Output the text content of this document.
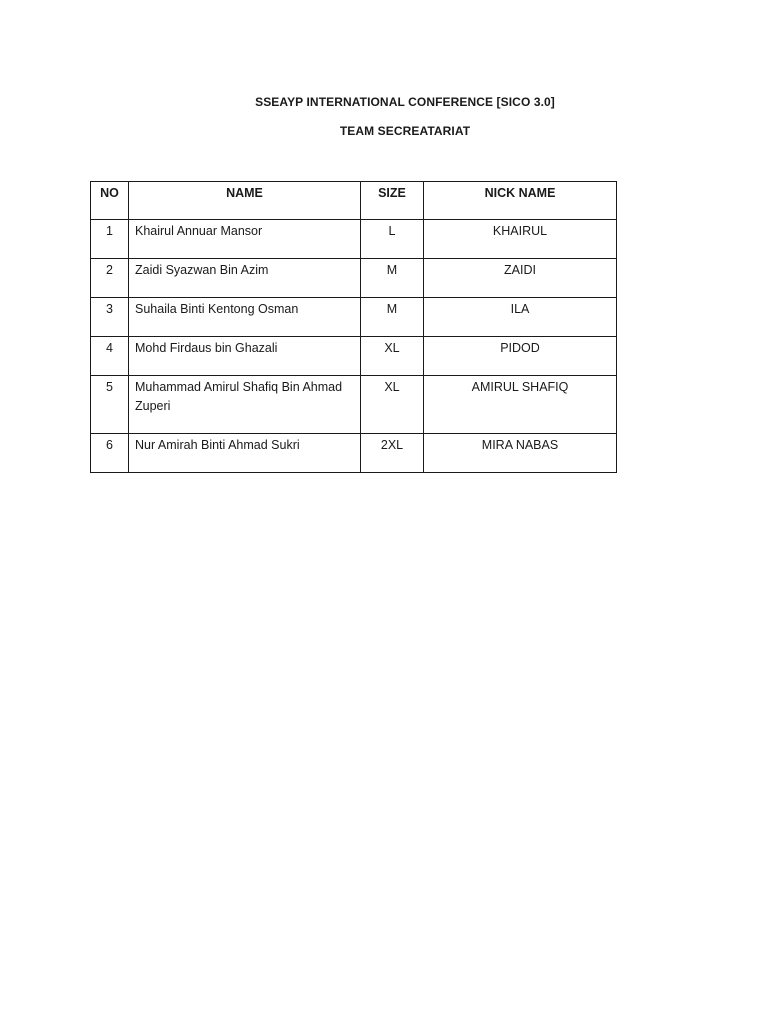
SSEAYP INTERNATIONAL CONFERENCE [SICO 3.0]
TEAM SECREATARIAT
NO	NAME	SIZE	NICK NAME
1	Khairul Annuar Mansor	L	KHAIRUL
2	Zaidi Syazwan Bin Azim	M	ZAIDI
3	Suhaila Binti Kentong Osman	M	ILA
4	Mohd Firdaus bin Ghazali	XL	PIDOD
5	Muhammad Amirul Shafiq Bin Ahmad Zuperi	XL	AMIRUL SHAFIQ
6	Nur Amirah Binti Ahmad Sukri	2XL	MIRA NABAS
